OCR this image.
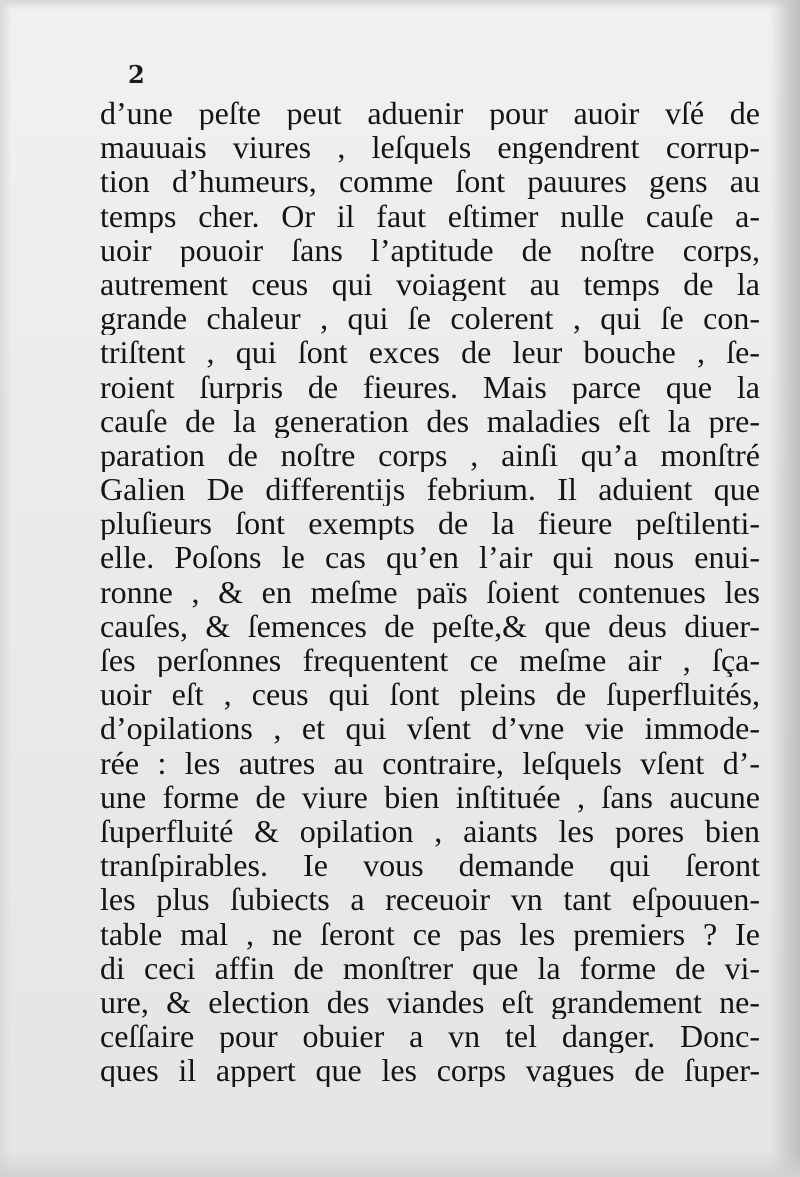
2

d’une peſte peut aduenir pour auoir vſé de
mauuais viures , leſquels engendrent corrup-
tion d’humeurs, comme ſont pauures gens au
temps cher. Or il faut eſtimer nulle cauſe a-
uoir pouoir ſans l’aptitude de noſtre corps,
autrement ceus qui voiagent au temps de la
grande chaleur , qui ſe colerent , qui ſe con-
triſtent , qui ſont exces de leur bouche , ſe-
roient ſurpris de fieures. Mais parce que la
cauſe de la generation des maladies eſt la pre-
paration de noſtre corps , ainſi qu’a monſtré
Galien De differentijs febrium. Il aduient que
pluſieurs ſont exempts de la fieure peſtilenti-
elle. Poſons le cas qu’en l’air qui nous enui-
ronne , & en meſme païs ſoient contenues les
cauſes, & ſemences de peſte,& que deus diuer-
ſes perſonnes frequentent ce meſme air , ſça-
uoir eſt , ceus qui ſont pleins de ſuperfluités,
d’opilations , et qui vſent d’vne vie immode-
rée : les autres au contraire, leſquels vſent d’-
une forme de viure bien inſtituée , ſans aucune
ſuperfluité & opilation , aiants les pores bien
tranſpirables. Ie vous demande qui ſeront
les plus ſubiects a receuoir vn tant eſpouuen-
table mal , ne ſeront ce pas les premiers ? Ie
di ceci affin de monſtrer que la forme de vi-
ure, & election des viandes eſt grandement ne-
ceſſaire pour obuier a vn tel danger. Donc-
ques il appert que les corps vagues de ſuper-
